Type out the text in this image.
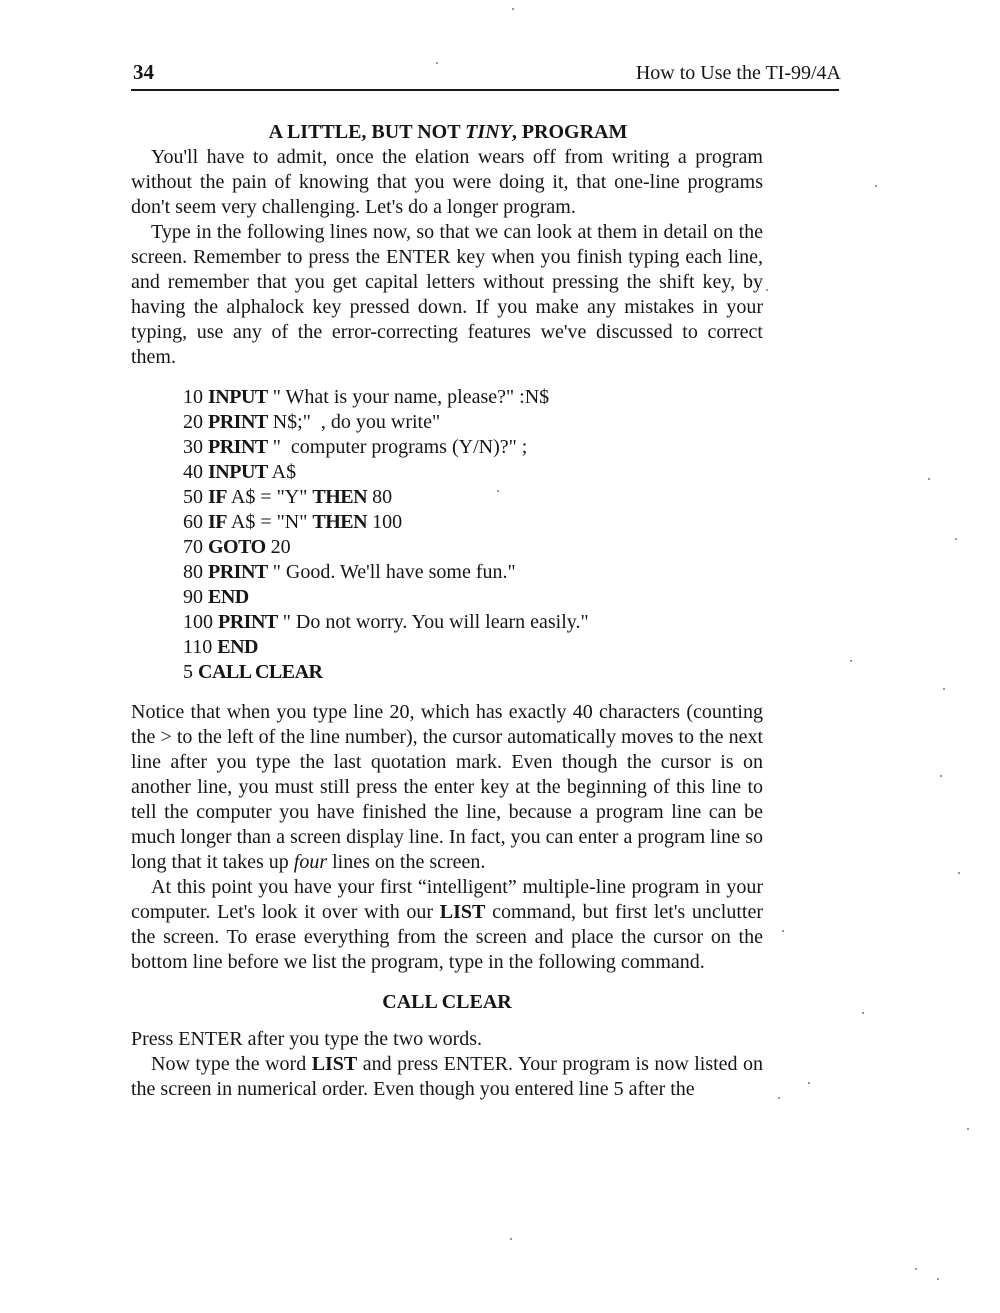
34	How to Use the TI-99/4A
A LITTLE, BUT NOT TINY, PROGRAM

You'll have to admit, once the elation wears off from writing a program without the pain of knowing that you were doing it, that one-line programs don't seem very challenging. Let's do a longer program.

Type in the following lines now, so that we can look at them in detail on the screen. Remember to press the ENTER key when you finish typing each line, and remember that you get capital letters without pressing the shift key, by having the alphalock key pressed down. If you make any mistakes in your typing, use any of the error-correcting features we've discussed to correct them.

10 INPUT " What is your name, please?" :N$
20 PRINT N$;"  , do you write"
30 PRINT "  computer programs (Y/N)?" ;
40 INPUT A$
50 IF A$ = "Y" THEN 80
60 IF A$ = "N" THEN 100
70 GOTO 20
80 PRINT " Good. We'll have some fun."
90 END
100 PRINT " Do not worry. You will learn easily."
110 END
5 CALL CLEAR

Notice that when you type line 20, which has exactly 40 characters (counting the > to the left of the line number), the cursor automatically moves to the next line after you type the last quotation mark. Even though the cursor is on another line, you must still press the enter key at the beginning of this line to tell the computer you have finished the line, because a program line can be much longer than a screen display line. In fact, you can enter a program line so long that it takes up four lines on the screen.

At this point you have your first “intelligent” multiple-line program in your computer. Let's look it over with our LIST command, but first let's unclutter the screen. To erase everything from the screen and place the cursor on the bottom line before we list the program, type in the following command.

CALL CLEAR

Press ENTER after you type the two words.

Now type the word LIST and press ENTER. Your program is now listed on the screen in numerical order. Even though you entered line 5 after the
